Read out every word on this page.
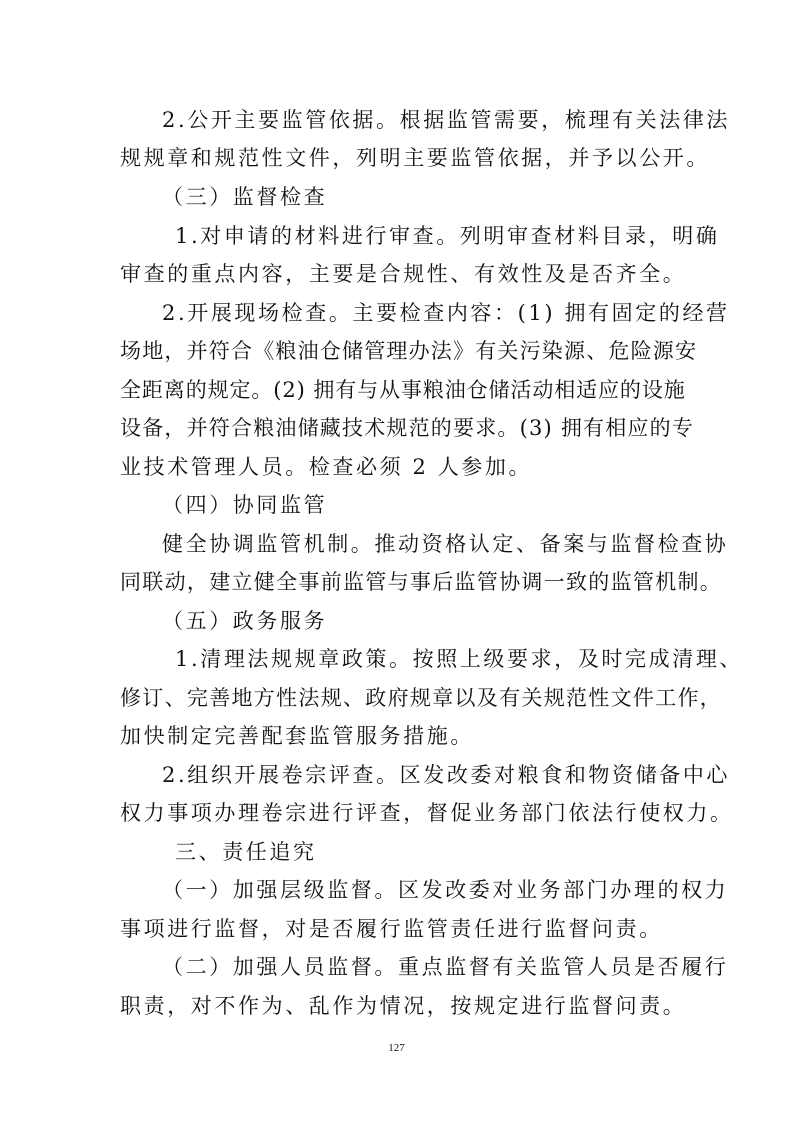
2.公开主要监管依据。根据监管需要，梳理有关法律法
规规章和规范性文件，列明主要监管依据，并予以公开。
（三）监督检查
1.对申请的材料进行审查。列明审查材料目录，明确
审查的重点内容，主要是合规性、有效性及是否齐全。
2.开展现场检查。主要检查内容：(1) 拥有固定的经营
场地，并符合《粮油仓储管理办法》有关污染源、危险源安
全距离的规定。(2) 拥有与从事粮油仓储活动相适应的设施
设备，并符合粮油储藏技术规范的要求。(3) 拥有相应的专
业技术管理人员。检查必须 2 人参加。
（四）协同监管
健全协调监管机制。推动资格认定、备案与监督检查协
同联动，建立健全事前监管与事后监管协调一致的监管机制。
（五）政务服务
1.清理法规规章政策。按照上级要求，及时完成清理、
修订、完善地方性法规、政府规章以及有关规范性文件工作，
加快制定完善配套监管服务措施。
2.组织开展卷宗评查。区发改委对粮食和物资储备中心
权力事项办理卷宗进行评查，督促业务部门依法行使权力。
三、责任追究
（一）加强层级监督。区发改委对业务部门办理的权力
事项进行监督，对是否履行监管责任进行监督问责。
（二）加强人员监督。重点监督有关监管人员是否履行
职责，对不作为、乱作为情况，按规定进行监督问责。
127
